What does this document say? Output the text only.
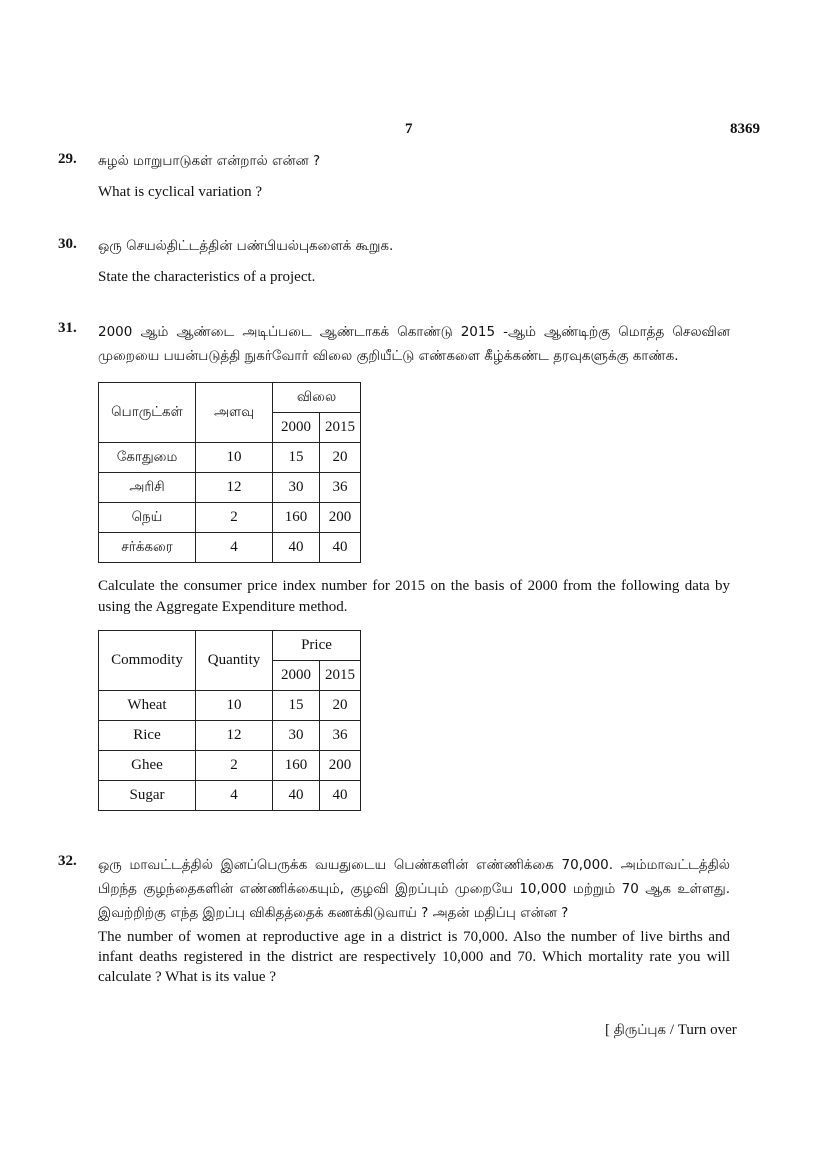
7	8369
29.	சுழல் மாறுபாடுகள் என்றால் என்ன ?
What is cyclical variation ?
30.	ஒரு செயல்திட்டத்தின் பண்பியல்புகளைக் கூறுக.
State the characteristics of a project.
31.	2000 ஆம் ஆண்டை அடிப்படை ஆண்டாகக் கொண்டு 2015 -ஆம் ஆண்டிற்கு மொத்த செலவின முறையை பயன்படுத்தி நுகர்வோர் விலை குறியீட்டு எண்களை கீழ்க்கண்ட தரவுகளுக்கு காண்க.
பொருட்கள்	அளவு	விலை	
		2000	2015
கோதுமை	10	15	20
அரிசி	12	30	36
நெய்	2	160	200
சர்க்கரை	4	40	40
Calculate the consumer price index number for 2015 on the basis of 2000 from the following data by using the Aggregate Expenditure method.
Commodity	Quantity	Price	
		2000	2015
Wheat	10	15	20
Rice	12	30	36
Ghee	2	160	200
Sugar	4	40	40
32.	ஒரு மாவட்டத்தில் இனப்பெருக்க வயதுடைய பெண்களின் எண்ணிக்கை 70,000. அம்மாவட்டத்தில் பிறந்த குழந்தைகளின் எண்ணிக்கையும், குழவி இறப்பும் முறையே 10,000 மற்றும் 70 ஆக உள்ளது. இவற்றிற்கு எந்த இறப்பு விகிதத்தைக் கணக்கிடுவாய் ? அதன் மதிப்பு என்ன ?
The number of women at reproductive age in a district is 70,000. Also the number of live births and infant deaths registered in the district are respectively 10,000 and 70. Which mortality rate you will calculate ? What is its value ?
[ திருப்புக / Turn over
